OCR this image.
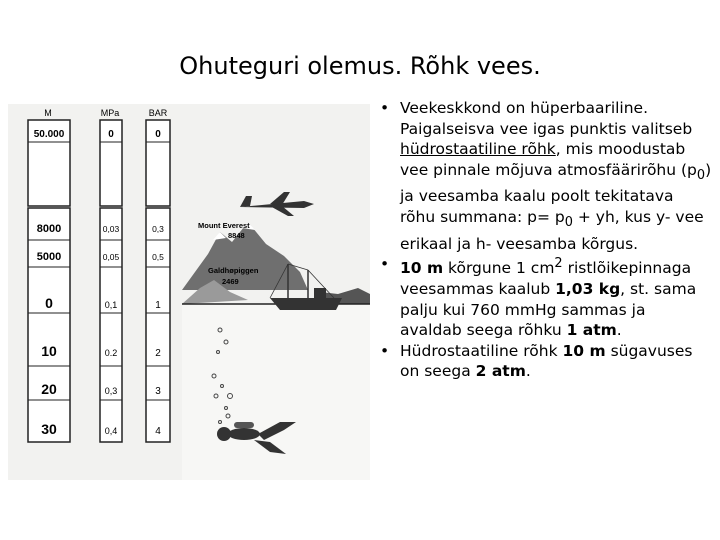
Ohuteguri olemus. Rõhk vees.
Mount Everest
8848
Galdhøpiggen
2469
M	MPa	BAR
50.000	0	0
8000	0,03	0,3
5000	0,05	0,5
0	0,1	1
10	0.2	2
20	0,3	3
30	0,4	4
• Veekeskkond on hüperbaariline. Paigalseisva vee igas punktis valitseb hüdrostaatiline rõhk, mis moodustab vee pinnale mõjuva atmosfäärirõhu $(p_0)$ ja veesamba kaalu poolt tekitatava rõhu summana: $p= p_0$ + yh, kus y- vee erikaal ja h- veesamba kõrgus.
• 10 m kõrgune 1 $cm^2$ ristlõikepinnaga veesammas kaalub 1,03 kg, st. sama palju kui 760 mmHg sammas ja avaldab seega rõhku 1 atm.
• Hüdrostaatiline rõhk 10 m sügavuses on seega 2 atm.
